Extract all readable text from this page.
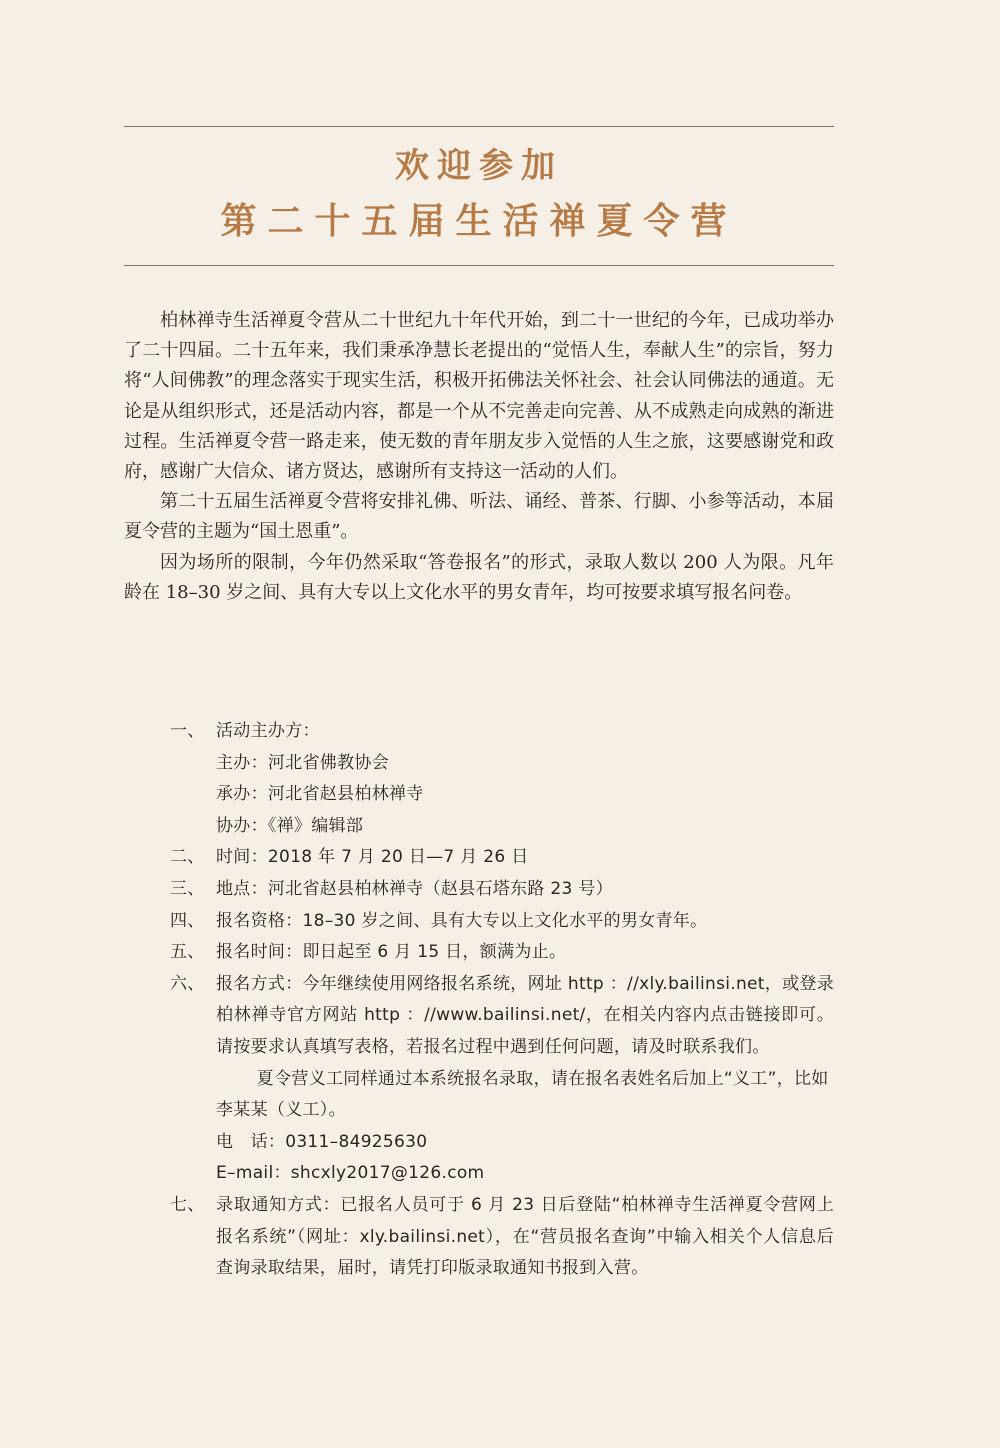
欢迎参加
第二十五届生活禅夏令营

柏林禅寺生活禅夏令营从二十世纪九十年代开始，到二十一世纪的今年，已成功举办了二十四届。二十五年来，我们秉承净慧长老提出的“觉悟人生，奉献人生”的宗旨，努力将“人间佛教”的理念落实于现实生活，积极开拓佛法关怀社会、社会认同佛法的通道。无论是从组织形式，还是活动内容，都是一个从不完善走向完善、从不成熟走向成熟的渐进过程。生活禅夏令营一路走来，使无数的青年朋友步入觉悟的人生之旅，这要感谢党和政府，感谢广大信众、诸方贤达，感谢所有支持这一活动的人们。

第二十五届生活禅夏令营将安排礼佛、听法、诵经、普茶、行脚、小参等活动，本届夏令营的主题为“国土恩重”。

因为场所的限制，今年仍然采取“答卷报名”的形式，录取人数以 200 人为限。凡年龄在 18–30 岁之间、具有大专以上文化水平的男女青年，均可按要求填写报名问卷。

一、 活动主办方：
主办：河北省佛教协会
承办：河北省赵县柏林禅寺
协办：《禅》编辑部
二、 时间：2018 年 7 月 20 日—7 月 26 日
三、 地点：河北省赵县柏林禅寺（赵县石塔东路 23 号）
四、 报名资格：18–30 岁之间、具有大专以上文化水平的男女青年。
五、 报名时间：即日起至 6 月 15 日，额满为止。
六、 报名方式：今年继续使用网络报名系统，网址 http ：//xly.bailinsi.net，或登录柏林禅寺官方网站 http ：//www.bailinsi.net/，在相关内容内点击链接即可。请按要求认真填写表格，若报名过程中遇到任何问题，请及时联系我们。
夏令营义工同样通过本系统报名录取，请在报名表姓名后加上“义工”，比如李某某（义工）。
电　话：0311–84925630
E–mail：shcxly2017@126.com
七、 录取通知方式：已报名人员可于 6 月 23 日后登陆“柏林禅寺生活禅夏令营网上报名系统”（网址：xly.bailinsi.net），在“营员报名查询”中输入相关个人信息后查询录取结果，届时，请凭打印版录取通知书报到入营。
